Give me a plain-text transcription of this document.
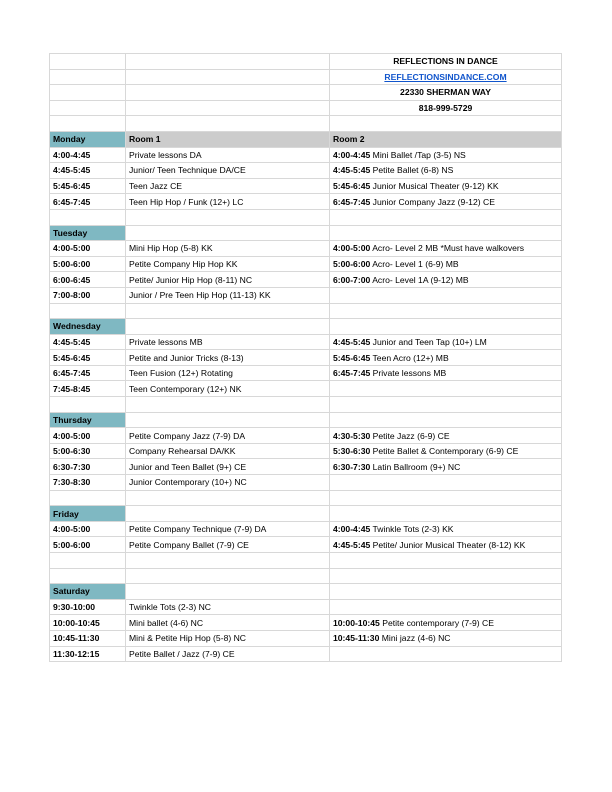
		REFLECTIONS IN DANCE
		REFLECTIONSINDANCE.COM
		22330 SHERMAN WAY
		818-999-5729

Monday	Room 1	Room 2
4:00-4:45	Private lessons DA	4:00-4:45 Mini Ballet /Tap (3-5) NS
4:45-5:45	Junior/ Teen Technique DA/CE	4:45-5:45 Petite Ballet (6-8) NS
5:45-6:45	Teen Jazz CE	5:45-6:45 Junior Musical Theater (9-12) KK
6:45-7:45	Teen Hip Hop / Funk (12+) LC	6:45-7:45 Junior Company Jazz (9-12) CE

Tuesday		
4:00-5:00	Mini Hip Hop (5-8) KK	4:00-5:00 Acro- Level 2 MB *Must have walkovers
5:00-6:00	Petite Company Hip Hop KK	5:00-6:00 Acro- Level 1 (6-9) MB
6:00-6:45	Petite/ Junior Hip Hop (8-11) NC	6:00-7:00 Acro- Level 1A (9-12) MB
7:00-8:00	Junior / Pre Teen Hip Hop (11-13) KK	

Wednesday		
4:45-5:45	Private lessons MB	4:45-5:45 Junior and Teen Tap (10+) LM
5:45-6:45	Petite and Junior Tricks (8-13)	5:45-6:45 Teen Acro (12+) MB
6:45-7:45	Teen Fusion (12+) Rotating	6:45-7:45 Private lessons MB
7:45-8:45	Teen Contemporary (12+) NK	

Thursday		
4:00-5:00	Petite Company Jazz (7-9) DA	4:30-5:30 Petite Jazz (6-9) CE
5:00-6:30	Company Rehearsal DA/KK	5:30-6:30 Petite Ballet & Contemporary (6-9) CE
6:30-7:30	Junior and Teen Ballet (9+) CE	6:30-7:30 Latin Ballroom (9+) NC
7:30-8:30	Junior Contemporary (10+) NC	

Friday		
4:00-5:00	Petite Company Technique (7-9) DA	4:00-4:45 Twinkle Tots (2-3) KK
5:00-6:00	Petite Company Ballet (7-9) CE	4:45-5:45 Petite/ Junior Musical Theater (8-12) KK

Saturday		
9:30-10:00	Twinkle Tots (2-3) NC	
10:00-10:45	Mini ballet (4-6) NC	10:00-10:45 Petite contemporary (7-9) CE
10:45-11:30	Mini & Petite Hip Hop (5-8) NC	10:45-11:30 Mini jazz (4-6) NC
11:30-12:15	Petite Ballet / Jazz (7-9) CE	
